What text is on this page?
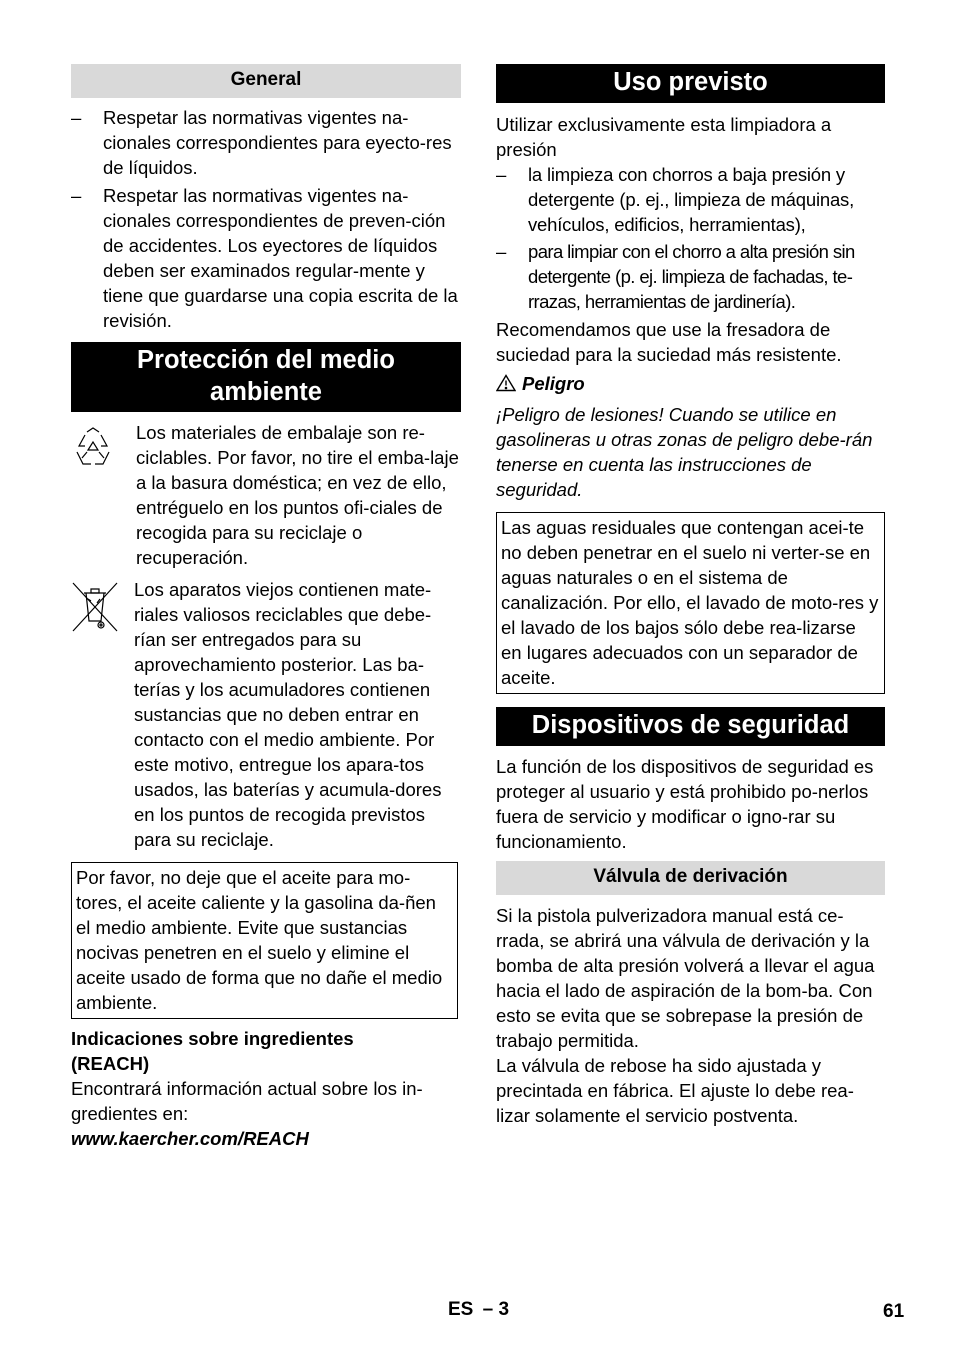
General
– Respetar las normativas vigentes na-cionales correspondientes para eyecto-res de líquidos.
– Respetar las normativas vigentes na-cionales correspondientes de preven-ción de accidentes. Los eyectores de líquidos deben ser examinados regular-mente y tiene que guardarse una copia escrita de la revisión.
Protección del medio
ambiente

Los materiales de embalaje son re-ciclables. Por favor, no tire el emba-laje a la basura doméstica; en vez de ello, entréguelo en los puntos ofi-ciales de recogida para su reciclaje o recuperación.

Los aparatos viejos contienen mate-riales valiosos reciclables que debe-rían ser entregados para su aprovechamiento posterior. Las ba-terías y los acumuladores contienen sustancias que no deben entrar en contacto con el medio ambiente. Por este motivo, entregue los apara-tos usados, las baterías y acumula-dores en los puntos de recogida previstos para su reciclaje.

Por favor, no deje que el aceite para mo-tores, el aceite caliente y la gasolina da-ñen el medio ambiente. Evite que sustancias nocivas penetren en el suelo y elimine el aceite usado de forma que no dañe el medio ambiente.

Indicaciones sobre ingredientes
(REACH)

Encontrará información actual sobre los in-gredientes en:

www.kaercher.com/REACH

Uso previsto

Utilizar exclusivamente esta limpiadora a presión

– la limpieza con chorros a baja presión y detergente (p. ej., limpieza de máquinas, vehículos, edificios, herramientas),
– para limpiar con el chorro a alta presión sin detergente (p. ej. limpieza de fachadas, te-rrazas, herramientas de jardinería).

Recomendamos que use la fresadora de suciedad para la suciedad más resistente.

Peligro

¡Peligro de lesiones! Cuando se utilice en gasolineras u otras zonas de peligro debe-rán tenerse en cuenta las instrucciones de seguridad.

Las aguas residuales que contengan acei-te no deben penetrar en el suelo ni verter-se en aguas naturales o en el sistema de canalización. Por ello, el lavado de moto-res y el lavado de los bajos sólo debe rea-lizarse en lugares adecuados con un separador de aceite.

Dispositivos de seguridad

La función de los dispositivos de seguridad es proteger al usuario y está prohibido po-nerlos fuera de servicio y modificar o igno-rar su funcionamiento.

Válvula de derivación

Si la pistola pulverizadora manual está ce-rrada, se abrirá una válvula de derivación y la bomba de alta presión volverá a llevar el agua hacia el lado de aspiración de la bom-ba. Con esto se evita que se sobrepase la presión de trabajo permitida.

La válvula de rebose ha sido ajustada y precintada en fábrica. El ajuste lo debe rea-lizar solamente el servicio postventa.

ES – 3	61
